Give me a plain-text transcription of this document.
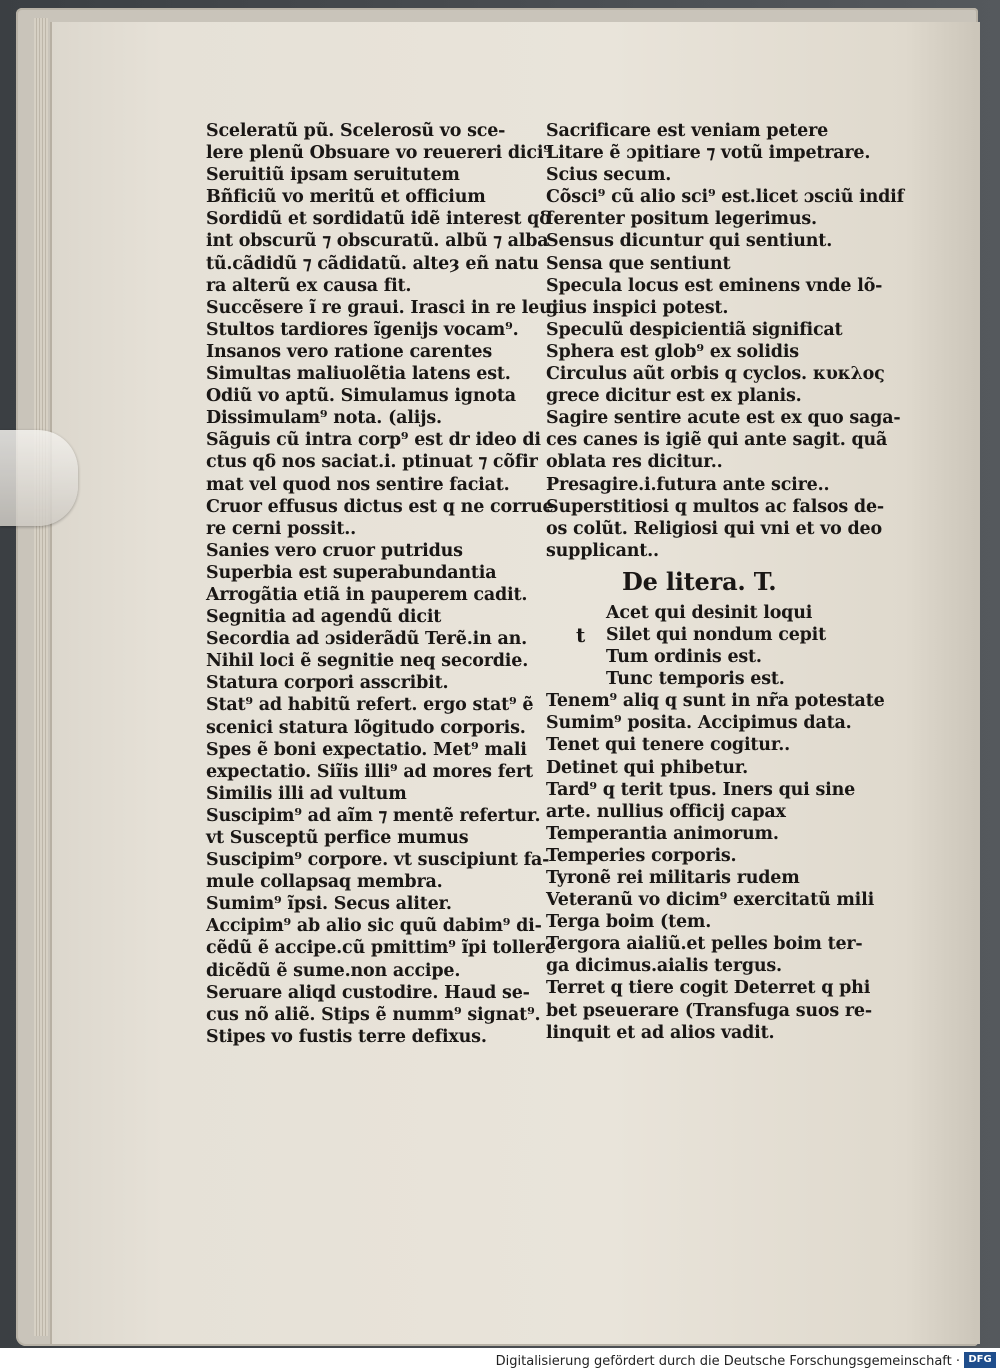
Sceleratũ pũ. Scelerosũ vo sce-
lere plenũ Obsuare vo reuereri dici⁹
Seruitiũ ipsam seruitutem
Bñficiũ vo meritũ et officium
Sordidũ et sordidatũ idẽ interest qδ
int obscurũ ⁊ obscuratũ. albũ ⁊ alba
tũ.cãdidũ ⁊ cãdidatũ. alteȝ eñ natu
ra alterũ ex causa fit.
Succẽsere ĩ re graui. Irasci in re leui
Stultos tardiores ĩgenijs vocam⁹.
Insanos vero ratione carentes
Simultas maliuolẽtia latens est.
Odiũ vo aptũ. Simulamus ignota
Dissimulam⁹ nota. (alijs.
Sãguis cũ intra corp⁹ est dr ideo di
ctus qδ nos saciat.i. ptinuat ⁊ cõfir
mat vel quod nos sentire faciat.
Cruor effusus dictus est q ne corrue
re cerni possit..
Sanies vero cruor putridus
Superbia est superabundantia
Arrogãtia etiã in pauperem cadit.
Segnitia ad agendũ dicit
Secordia ad ɔsiderãdũ Terẽ.in an.
Nihil loci ẽ segnitie neq secordie.
Statura corpori asscribit.
Stat⁹ ad habitũ refert. ergo stat⁹ ẽ
scenici statura lõgitudo corporis.
Spes ẽ boni expectatio. Met⁹ mali
expectatio. Siĩis illi⁹ ad mores fert
Similis illi ad vultum
Suscipim⁹ ad aĩm ⁊ mentẽ refertur.
vt Susceptũ perfice mumus
Suscipim⁹ corpore. vt suscipiunt fa-
mule collapsaq membra.
Sumim⁹ ĩpsi. Secus aliter.
Accipim⁹ ab alio sic quũ dabim⁹ di-
cẽdũ ẽ accipe.cũ pmittim⁹ ĩpi tollere
dicẽdũ ẽ sume.non accipe.
Seruare aliqd custodire. Haud se-
cus nõ aliẽ. Stips ẽ numm⁹ signat⁹.
Stipes vo fustis terre defixus.
Sacrificare est veniam petere
Litare ẽ ɔpitiare ⁊ votũ impetrare.
Scius secum.
Cõsci⁹ cũ alio sci⁹ est.licet ɔsciũ indif
ferenter positum legerimus.
Sensus dicuntur qui sentiunt.
Sensa que sentiunt
Specula locus est eminens vnde lõ-
gius inspici potest.
Speculũ despicientiã significat
Sphera est glob⁹ ex solidis
Circulus aũt orbis q cyclos. κυκλος
grece dicitur est ex planis.
Sagire sentire acute est ex quo saga-
ces canes is igiẽ qui ante sagit. quã
oblata res dicitur..
Presagire.i.futura ante scire..
Superstitiosi q multos ac falsos de-
os colũt. Religiosi qui vni et vo deo
supplicant..
De litera. T.
t
Acet qui desinit loqui
Silet qui nondum cepit
Tum ordinis est.
Tunc temporis est.
Tenem⁹ aliq q sunt in nr̃a potestate
Sumim⁹ posita. Accipimus data.
Tenet qui tenere cogitur..
Detinet qui phibetur.
Tard⁹ q terit tpus. Iners qui sine
arte. nullius officij capax
Temperantia animorum.
Temperies corporis.
Tyronẽ rei militaris rudem
Veteranũ vo dicim⁹ exercitatũ mili
Terga boim (tem.
Tergora aialiũ.et pelles boim ter-
ga dicimus.aialis tergus.
Terret q tiere cogit Deterret q phi
bet pseuerare (Transfuga suos re-
linquit et ad alios vadit.
Digitalisierung gefördert durch die Deutsche Forschungsgemeinschaft · DFG
